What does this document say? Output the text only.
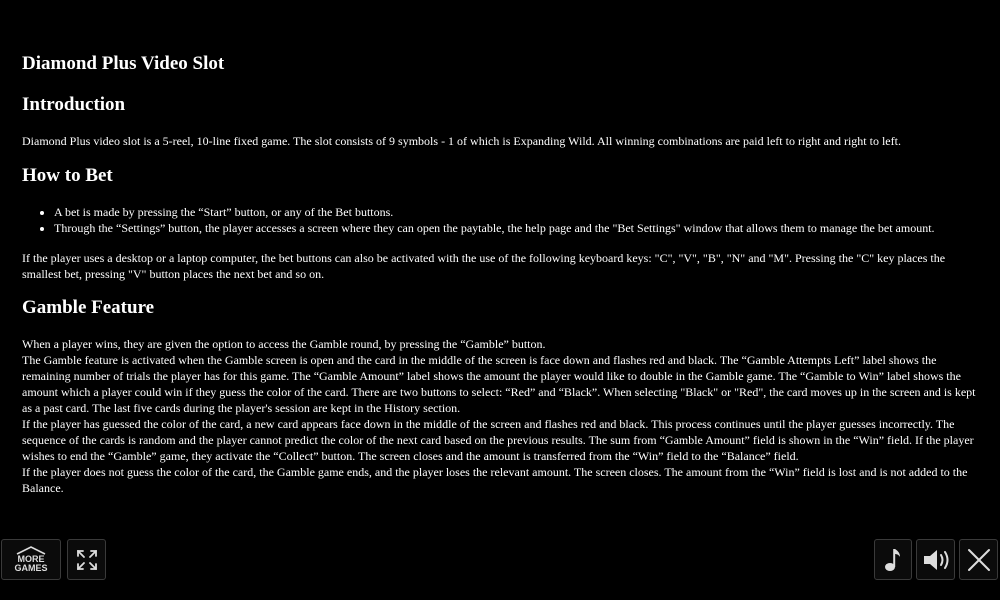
Diamond Plus Video Slot
Introduction

Diamond Plus video slot is a 5-reel, 10-line fixed game. The slot consists of 9 symbols - 1 of which is Expanding Wild. All winning combinations are paid left to right and right to left.

How to Bet
• A bet is made by pressing the “Start” button, or any of the Bet buttons.
• Through the “Settings” button, the player accesses a screen where they can open the paytable, the help page and the "Bet Settings" window that allows them to manage the bet amount.

If the player uses a desktop or a laptop computer, the bet buttons can also be activated with the use of the following keyboard keys: "C", "V", "B", "N" and "M". Pressing the "C" key places the smallest bet, pressing "V" button places the next bet and so on.

Gamble Feature

When a player wins, they are given the option to access the Gamble round, by pressing the “Gamble” button.

The Gamble feature is activated when the Gamble screen is open and the card in the middle of the screen is face down and flashes red and black. The “Gamble Attempts Left” label shows the remaining number of trials the player has for this game. The “Gamble Amount” label shows the amount the player would like to double in the Gamble game. The “Gamble to Win” label shows the amount which a player could win if they guess the color of the card. There are two buttons to select: “Red” and “Black”. When selecting "Black" or "Red", the card moves up in the screen and is kept as a past card. The last five cards during the player's session are kept in the History section.

If the player has guessed the color of the card, a new card appears face down in the middle of the screen and flashes red and black. This process continues until the player guesses incorrectly. The sequence of the cards is random and the player cannot predict the color of the next card based on the previous results. The sum from “Gamble Amount” field is shown in the “Win” field. If the player wishes to end the “Gamble” game, they activate the “Collect” button. The screen closes and the amount is transferred from the “Win” field to the “Balance” field.

If the player does not guess the color of the card, the Gamble game ends, and the player loses the relevant amount. The screen closes. The amount from the “Win” field is lost and is not added to the Balance.

MORE
GAMES
